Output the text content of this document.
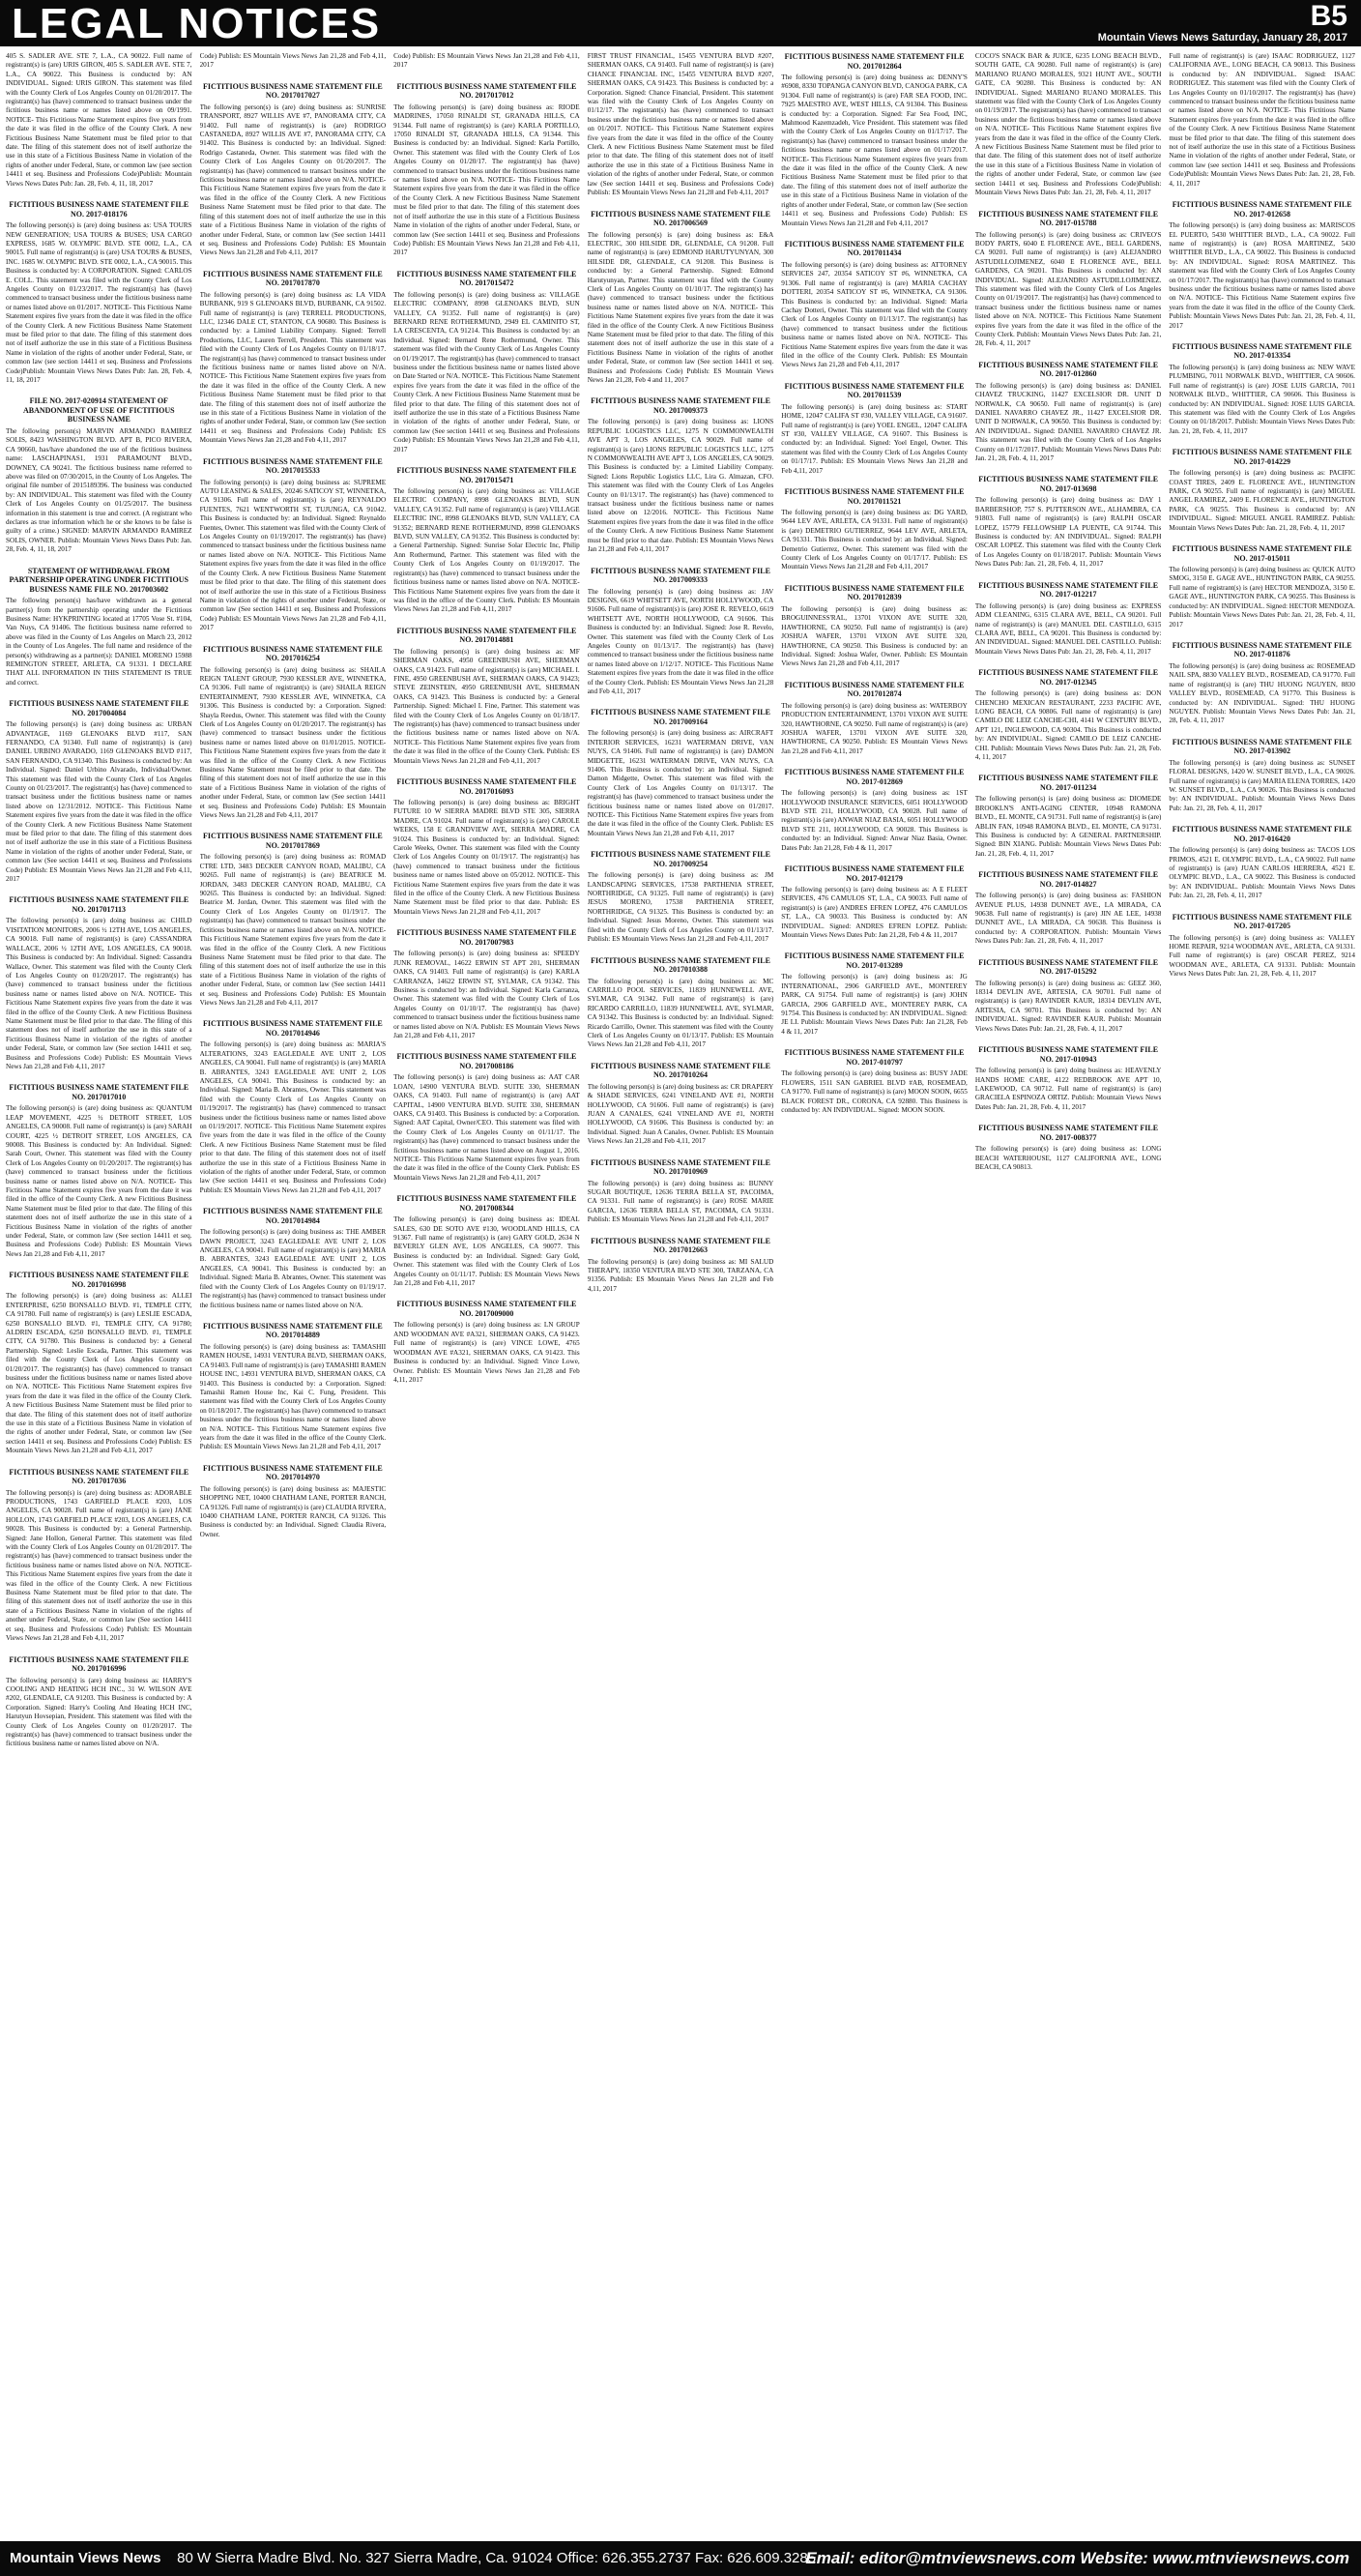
LEGAL NOTICES	B5
Mountain Views News Saturday, January 28, 2017

405 S. SADLER AVE. STE 7, L.A., CA 90022. Full name of registrant(s) is (are) URIS GIRON, 405 S. SADLER AVE. STE 7, L.A., CA 90022. This Business is conducted by: AN INDIVIDUAL. Signed: URIS GIRON. This statement was filed with the County Clerk of Los Angeles County on 01/20/2017. The registrant(s) has (have) commenced to transact business under the fictitious business name or names listed above on 09/1991. NOTICE- This Fictitious Name Statement expires five years from the date it was filed in the office of the County Clerk. A new Fictitious Business Name Statement must be filed prior to that date. The filing of this statement does not of itself authorize the use in this state of a Fictitious Business Name in violation of the rights of another under Federal, State, or common law (see section 14411 et seq. Business and Professions Code)Publish: Mountain Views News Dates Pub: Jan. 28, Feb. 4, 11, 18, 2017

FICTITIOUS BUSINESS NAME STATEMENT FILE NO. 2017-018176

The following person(s) is (are) doing business as: USA TOURS NEW GENERATION; USA TOURS & BUSES; USA CARGO EXPRESS, 1685 W. OLYMPIC BLVD. STE 0002, L.A., CA 90015. Full name of registrant(s) is (are) USA TOURS & BUSES, INC. 1685 W. OLYMPIC BLVD. STE 0002, L.A., CA 90015. This Business is conducted by: A CORPORATION. Signed: CARLOS E. COLL. This statement was filed with the County Clerk of Los Angeles County on 01/23/2017. The registrant(s) has (have) commenced to transact business under the fictitious business name or names listed above on 01/2017. NOTICE- This Fictitious Name Statement expires five years from the date it was filed in the office of the County Clerk. A new Fictitious Business Name Statement must be filed prior to that date. The filing of this statement does not of itself authorize the use in this state of a Fictitious Business Name in violation of the rights of another under Federal, State, or common law (see section 14411 et seq. Business and Professions Code)Publish: Mountain Views News Dates Pub: Jan. 28, Feb. 4, 11, 18, 2017

FILE NO. 2017-020914 STATEMENT OF ABANDONMENT OF USE OF FICTITIOUS BUSINESS NAME

The following person(s) MARVIN ARMANDO RAMIREZ SOLIS, 8423 WASHINGTON BLVD. APT B, PICO RIVERA, CA 90660, has/have abandoned the use of the fictitious business name: LASCHAPINAS1, 1931 PARAMOUNT BLVD., DOWNEY, CA 90241. The fictitious business name referred to above was filed on 07/30/2015, in the County of Los Angeles. The original file number of 2015189396. The business was conducted by: AN INDIVIDUAL. This statement was filed with the County Clerk of Los Angeles County on 01/25/2017. The business information in this statement is true and correct. (A registrant who declares as true information which he or she knows to be false is guilty of a crime.) SIGNED: MARVIN ARMANDO RAMIREZ SOLIS, OWNER. Publish: Mountain Views News Dates Pub: Jan. 28, Feb. 4, 11, 18, 2017

STATEMENT OF WITHDRAWAL FROM PARTNERSHIP OPERATING UNDER FICTITIOUS BUSINESS NAME FILE NO. 2017003602

The following person(s) has/have withdrawn as a general partner(s) from the partnership operating under the Fictitious Business Name: HYKPRINTING located at 17705 Vose St. #104, Van Nuys, CA 91406. The fictitious business name referred to above was filed in the County of Los Angeles on March 23, 2012 in the County of Los Angeles. The full name and residence of the person(s) withdrawing as a partner(s): DANIEL MORENO 15988 REMINGTON STREET, ARLETA, CA 91331. I DECLARE THAT ALL INFORMATION IN THIS STATEMENT IS TRUE and correct.

FICTITIOUS BUSINESS NAME STATEMENT FILE NO. 2017004084

The following person(s) is (are) doing business as: URBAN ADVANTAGE, 1169 GLENOAKS BLVD #117, SAN FERNANDO, CA 91340. Full name of registrant(s) is (are) DANIEL URBINO AVARADO, 1169 GLENOAKS BLVD #117, SAN FERNANDO, CA 91340. This Business is conducted by: An Individual. Signed: Daniel Urbino Alvarado, Individual/Owner. This statement was filed with the County Clerk of Los Angeles County on 01/23/2017. The registrant(s) has (have) commenced to transact business under the fictitious business name or names listed above on 12/31/2012. NOTICE- This Fictitious Name Statement expires five years from the date it was filed in the office of the County Clerk. A new Fictitious Business Name Statement must be filed prior to that date. The filing of this statement does not of itself authorize the use in this state of a Fictitious Business Name in violation of the rights of another under Federal, State, or common law (See section 14411 et seq. Business and Professions Code) Publish: ES Mountain Views News Jan 21,28 and Feb 4,11, 2017

FICTITIOUS BUSINESS NAME STATEMENT FILE NO. 2017017113

The following person(s) is (are) doing business as: CHILD VISITATION MONITORS, 2006 ½ 12TH AVE, LOS ANGELES, CA 90018. Full name of registrant(s) is (are) CASSANDRA WALLACE, 2006 ½ 12TH AVE, LOS ANGELES, CA 90018. This Business is conducted by: An Individual. Signed: Cassandra Wallace, Owner. This statement was filed with the County Clerk of Los Angeles County on 01/20/2017. The registrant(s) has (have) commenced to transact business under the fictitious business name or names listed above on N/A. NOTICE- This Fictitious Name Statement expires five years from the date it was filed in the office of the County Clerk. A new Fictitious Business Name Statement must be filed prior to that date. The filing of this statement does not of itself authorize the use in this state of a Fictitious Business Name in violation of the rights of another under Federal, State, or common law (See section 14411 et seq. Business and Professions Code) Publish: ES Mountain Views News Jan 21,28 and Feb 4,11, 2017

FICTITIOUS BUSINESS NAME STATEMENT FILE NO. 2017017010

The following person(s) is (are) doing business as: QUANTUM LEAP MOVEMENT, 4225 ½ DETROIT STREET, LOS ANGELES, CA 90008. Full name of registrant(s) is (are) SARAH COURT, 4225 ½ DETROIT STREET, LOS ANGELES, CA 90008. This Business is conducted by: An Individual. Signed: Sarah Court, Owner. This statement was filed with the County Clerk of Los Angeles County on 01/20/2017. The registrant(s) has (have) commenced to transact business under the fictitious business name or names listed above on N/A. NOTICE- This Fictitious Name Statement expires five years from the date it was filed in the office of the County Clerk. A new Fictitious Business Name Statement must be filed prior to that date. The filing of this statement does not of itself authorize the use in this state of a Fictitious Business Name in violation of the rights of another under Federal, State, or common law (See section 14411 et seq. Business and Professions Code) Publish: ES Mountain Views News Jan 21,28 and Feb 4,11, 2017

FICTITIOUS BUSINESS NAME STATEMENT FILE NO. 2017016998

The following person(s) is (are) doing business as: ALLEI ENTERPRISE, 6250 BONSALLO BLVD. #1, TEMPLE CITY, CA 91780. Full name of registrant(s) is (are) LESLIE ESCADA, 6250 BONSALLO BLVD. #1, TEMPLE CITY, CA 91780; ALDRIN ESCADA, 6250 BONSALLO BLVD. #1, TEMPLE CITY, CA 91780. This Business is conducted by: a General Partnership. Signed: Leslie Escada, Partner. This statement was filed with the County Clerk of Los Angeles County on 01/20/2017. The registrant(s) has (have) commenced to transact business under the fictitious business name or names listed above on N/A. NOTICE- This Fictitious Name Statement expires five years from the date it was filed in the office of the County Clerk. A new Fictitious Business Name Statement must be filed prior to that date. The filing of this statement does not of itself authorize the use in this state of a Fictitious Business Name in violation of the rights of another under Federal, State, or common law (See section 14411 et seq. Business and Professions Code) Publish: ES Mountain Views News Jan 21,28 and Feb 4,11, 2017

FICTITIOUS BUSINESS NAME STATEMENT FILE NO. 2017017036

The following person(s) is (are) doing business as: ADORABLE PRODUCTIONS, 1743 GARFIELD PLACE #203, LOS ANGELES, CA 90028. Full name of registrant(s) is (are) JANE HOLLON, 1743 GARFIELD PLACE #203, LOS ANGELES, CA 90028. This Business is conducted by: a General Partnership. Signed: Jane Hollon, General Partner. This statement was filed with the County Clerk of Los Angeles County on 01/20/2017. The registrant(s) has (have) commenced to transact business under the fictitious business name or names listed above on N/A. NOTICE- This Fictitious Name Statement expires five years from the date it was filed in the office of the County Clerk. A new Fictitious Business Name Statement must be filed prior to that date. The filing of this statement does not of itself authorize the use in this state of a Fictitious Business Name in violation of the rights of another under Federal, State, or common law (See section 14411 et seq. Business and Professions Code) Publish: ES Mountain Views News Jan 21,28 and Feb 4,11, 2017

FICTITIOUS BUSINESS NAME STATEMENT FILE NO. 2017016996

The following person(s) is (are) doing business as: HARRY'S COOLING AND HEATING HCH INC., 31 W. WILSON AVE #202, GLENDALE, CA 91203. This Business is conducted by: A Corporation. Signed: Harry's Cooling And Heating HCH INC, Harutyun Hovsepian, President. This statement was filed with the County Clerk of Los Angeles County on 01/20/2017. The registrant(s) has (have) commenced to transact business under the fictitious business name or names listed above on N/A.

Code) Publish: ES Mountain Views News Jan 21,28 and Feb 4,11, 2017

FICTITIOUS BUSINESS NAME STATEMENT FILE NO. 2017017027

The following person(s) is (are) doing business as: SUNRISE TRANSPORT, 8927 WILLIS AVE #7, PANORAMA CITY, CA 91402. Full name of registrant(s) is (are) RODRIGO CASTANEDA, 8927 WILLIS AVE #7, PANORAMA CITY, CA 91402. This Business is conducted by: an Individual. Signed: Rodrigo Castaneda, Owner. This statement was filed with the County Clerk of Los Angeles County on 01/20/2017. The registrant(s) has (have) commenced to transact business under the fictitious business name or names listed above on N/A. NOTICE- This Fictitious Name Statement expires five years from the date it was filed in the office of the County Clerk. A new Fictitious Business Name Statement must be filed prior to that date. The filing of this statement does not of itself authorize the use in this state of a Fictitious Business Name in violation of the rights of another under Federal, State, or common law (See section 14411 et seq. Business and Professions Code) Publish: ES Mountain Views News Jan 21,28 and Feb 4,11, 2017

FICTITIOUS BUSINESS NAME STATEMENT FILE NO. 2017017870

The following person(s) is (are) doing business as: LA VIDA BURBANK, 919 S GLENOAKS BLVD, BURBANK, CA 91502. Full name of registrant(s) is (are) TERRELL PRODUCTIONS, LLC, 12346 DALE CT, STANTON, CA 90680. This Business is conducted by: a Limited Liability Company. Signed: Terrell Productions, LLC, Lauren Terrell, President. This statement was filed with the County Clerk of Los Angeles County on 01/18/17. The registrant(s) has (have) commenced to transact business under the fictitious business name or names listed above on N/A. NOTICE- This Fictitious Name Statement expires five years from the date it was filed in the office of the County Clerk. A new Fictitious Business Name Statement must be filed prior to that date. The filing of this statement does not of itself authorize the use in this state of a Fictitious Business Name in violation of the rights of another under Federal, State, or common law (See section 14411 et seq. Business and Professions Code) Publish: ES Mountain Views News Jan 21,28 and Feb 4,11, 2017

FICTITIOUS BUSINESS NAME STATEMENT FILE NO. 2017015533

The following person(s) is (are) doing business as: SUPREME AUTO LEASING & SALES, 20246 SATICOY ST, WINNETKA, CA 91306. Full name of registrant(s) is (are) REYNALDO FUENTES, 7621 WENTWORTH ST, TUJUNGA, CA 91042. This Business is conducted by: an Individual. Signed: Reynaldo Fuentes, Owner. This statement was filed with the County Clerk of Los Angeles County on 01/19/2017. The registrant(s) has (have) commenced to transact business under the fictitious business name or names listed above on N/A. NOTICE- This Fictitious Name Statement expires five years from the date it was filed in the office of the County Clerk. A new Fictitious Business Name Statement must be filed prior to that date. The filing of this statement does not of itself authorize the use in this state of a Fictitious Business Name in violation of the rights of another under Federal, State, or common law (See section 14411 et seq. Business and Professions Code) Publish: ES Mountain Views News Jan 21,28 and Feb 4,11, 2017

FICTITIOUS BUSINESS NAME STATEMENT FILE NO. 2017016254

The following person(s) is (are) doing business as: SHAILA REIGN TALENT GROUP, 7930 KESSLER AVE, WINNETKA, CA 91306. Full name of registrant(s) is (are) SHAILA REIGN ENTERTAINMENT, 7930 KESSLER AVE, WINNETKA, CA 91306. This Business is conducted by: a Corporation. Signed: Shayla Reedus, Owner. This statement was filed with the County Clerk of Los Angeles County on 01/20/2017. The registrant(s) has (have) commenced to transact business under the fictitious business name or names listed above on 01/01/2015. NOTICE- This Fictitious Name Statement expires five years from the date it was filed in the office of the County Clerk. A new Fictitious Business Name Statement must be filed prior to that date. The filing of this statement does not of itself authorize the use in this state of a Fictitious Business Name in violation of the rights of another under Federal, State, or common law (See section 14411 et seq. Business and Professions Code) Publish: ES Mountain Views News Jan 21,28 and Feb 4,11, 2017

FICTITIOUS BUSINESS NAME STATEMENT FILE NO. 2017017869

The following person(s) is (are) doing business as: ROMAD CTRE LTD, 3483 DECKER CANYON ROAD, MALIBU, CA 90265. Full name of registrant(s) is (are) BEATRICE M. JORDAN, 3483 DECKER CANYON ROAD, MALIBU, CA 90265. This Business is conducted by: an Individual. Signed: Beatrice M. Jordan, Owner. This statement was filed with the County Clerk of Los Angeles County on 01/19/17. The registrant(s) has (have) commenced to transact business under the fictitious business name or names listed above on N/A. NOTICE- This Fictitious Name Statement expires five years from the date it was filed in the office of the County Clerk. A new Fictitious Business Name Statement must be filed prior to that date. The filing of this statement does not of itself authorize the use in this state of a Fictitious Business Name in violation of the rights of another under Federal, State, or common law (See section 14411 et seq. Business and Professions Code) Publish: ES Mountain Views News Jan 21,28 and Feb 4,11, 2017

FICTITIOUS BUSINESS NAME STATEMENT FILE NO. 2017014946

The following person(s) is (are) doing business as: MARIA'S ALTERATIONS, 3243 EAGLEDALE AVE UNIT 2, LOS ANGELES, CA 90041. Full name of registrant(s) is (are) MARIA B. ABRANTES, 3243 EAGLEDALE AVE UNIT 2, LOS ANGELES, CA 90041. This Business is conducted by: an Individual. Signed: Maria B. Abrantes, Owner. This statement was filed with the County Clerk of Los Angeles County on 01/19/2017. The registrant(s) has (have) commenced to transact business under the fictitious business name or names listed above on 01/19/2017. NOTICE- This Fictitious Name Statement expires five years from the date it was filed in the office of the County Clerk. A new Fictitious Business Name Statement must be filed prior to that date. The filing of this statement does not of itself authorize the use in this state of a Fictitious Business Name in violation of the rights of another under Federal, State, or common law (See section 14411 et seq. Business and Professions Code) Publish: ES Mountain Views News Jan 21,28 and Feb 4,11, 2017

FICTITIOUS BUSINESS NAME STATEMENT FILE NO. 2017014984

The following person(s) is (are) doing business as: THE AMBER DAWN PROJECT, 3243 EAGLEDALE AVE UNIT 2, LOS ANGELES, CA 90041. Full name of registrant(s) is (are) MARIA B. ABRANTES, 3243 EAGLEDALE AVE UNIT 2, LOS ANGELES, CA 90041. This Business is conducted by: an Individual. Signed: Maria B. Abrantes, Owner. This statement was filed with the County Clerk of Los Angeles County on 01/19/17. The registrant(s) has (have) commenced to transact business under the fictitious business name or names listed above on N/A.

FICTITIOUS BUSINESS NAME STATEMENT FILE NO. 2017014889

The following person(s) is (are) doing business as: TAMASHII RAMEN HOUSE, 14931 VENTURA BLVD, SHERMAN OAKS, CA 91403. Full name of registrant(s) is (are) TAMASHII RAMEN HOUSE INC, 14931 VENTURA BLVD, SHERMAN OAKS, CA 91403. This Business is conducted by: a Corporation. Signed: Tamashii Ramen House Inc, Kai C. Fung, President. This statement was filed with the County Clerk of Los Angeles County on 01/18/2017. The registrant(s) has (have) commenced to transact business under the fictitious business name or names listed above on N/A. NOTICE- This Fictitious Name Statement expires five years from the date it was filed in the office of the County Clerk. Publish: ES Mountain Views News Jan 21,28 and Feb 4,11, 2017

FICTITIOUS BUSINESS NAME STATEMENT FILE NO. 2017014970

The following person(s) is (are) doing business as: MAJESTIC SHOPPING NET, 10400 CHATHAM LANE, PORTER RANCH, CA 91326. Full name of registrant(s) is (are) CLAUDIA RIVERA, 10400 CHATHAM LANE, PORTER RANCH, CA 91326. This Business is conducted by: an Individual. Signed: Claudia Rivera, Owner.

Code) Publish: ES Mountain Views News Jan 21,28 and Feb 4,11, 2017

FICTITIOUS BUSINESS NAME STATEMENT FILE NO. 2017017012

The following person(s) is (are) doing business as: RIODE MADRINES, 17050 RINALDI ST, GRANADA HILLS, CA 91344. Full name of registrant(s) is (are) KARLA PORTILLO, 17050 RINALDI ST, GRANADA HILLS, CA 91344. This Business is conducted by: an Individual. Signed: Karla Portillo, Owner. This statement was filed with the County Clerk of Los Angeles County on 01/20/17. The registrant(s) has (have) commenced to transact business under the fictitious business name or names listed above on N/A. NOTICE- This Fictitious Name Statement expires five years from the date it was filed in the office of the County Clerk. A new Fictitious Business Name Statement must be filed prior to that date. The filing of this statement does not of itself authorize the use in this state of a Fictitious Business Name in violation of the rights of another under Federal, State, or common law (See section 14411 et seq. Business and Professions Code) Publish: ES Mountain Views News Jan 21,28 and Feb 4,11, 2017

FICTITIOUS BUSINESS NAME STATEMENT FILE NO. 2017015472

The following person(s) is (are) doing business as: VILLAGE ELECTRIC COMPANY, 8998 GLENOAKS BLVD, SUN VALLEY, CA 91352. Full name of registrant(s) is (are) BERNARD RENE ROTHERMUND, 2949 EL CAMINITO ST, LA CRESCENTA, CA 91214. This Business is conducted by: an Individual. Signed: Bernard Rene Rothermund, Owner. This statement was filed with the County Clerk of Los Angeles County on 01/19/2017. The registrant(s) has (have) commenced to transact business under the fictitious business name or names listed above on Date Started or N/A. NOTICE- This Fictitious Name Statement expires five years from the date it was filed in the office of the County Clerk. A new Fictitious Business Name Statement must be filed prior to that date. The filing of this statement does not of itself authorize the use in this state of a Fictitious Business Name in violation of the rights of another under Federal, State, or common law (See section 14411 et seq. Business and Professions Code) Publish: ES Mountain Views News Jan 21,28 and Feb 4,11, 2017

FICTITIOUS BUSINESS NAME STATEMENT FILE NO. 2017015471

The following person(s) is (are) doing business as: VILLAGE ELECTRIC COMPANY, 8998 GLENOAKS BLVD, SUN VALLEY, CA 91352. Full name of registrant(s) is (are) VILLAGE ELECTRIC INC, 8998 GLENOAKS BLVD, SUN VALLEY, CA 91352; BERNARD RENE ROTHERMUND, 8998 GLENOAKS BLVD, SUN VALLEY, CA 91352. This Business is conducted by: a General Partnership. Signed: Sunrise Solar Electric Inc, Philip Ann Rothermund, Partner. This statement was filed with the County Clerk of Los Angeles County on 01/19/2017. The registrant(s) has (have) commenced to transact business under the fictitious business name or names listed above on N/A. NOTICE- This Fictitious Name Statement expires five years from the date it was filed in the office of the County Clerk. Publish: ES Mountain Views News Jan 21,28 and Feb 4,11, 2017

FICTITIOUS BUSINESS NAME STATEMENT FILE NO. 2017014881

The following person(s) is (are) doing business as: MF SHERMAN OAKS, 4950 GREENBUSH AVE, SHERMAN OAKS, CA 91423. Full name of registrant(s) is (are) MICHAEL I. FINE, 4950 GREENBUSH AVE, SHERMAN OAKS, CA 91423; STEVE ZEINSTEIN, 4950 GREENBUSH AVE, SHERMAN OAKS, CA 91423. This Business is conducted by: a General Partnership. Signed: Michael I. Fine, Partner. This statement was filed with the County Clerk of Los Angeles County on 01/18/17. The registrant(s) has (have) commenced to transact business under the fictitious business name or names listed above on N/A. NOTICE- This Fictitious Name Statement expires five years from the date it was filed in the office of the County Clerk. Publish: ES Mountain Views News Jan 21,28 and Feb 4,11, 2017

FICTITIOUS BUSINESS NAME STATEMENT FILE NO. 2017016093

The following person(s) is (are) doing business as: BRIGHT FUTURE 10 W SIERRA MADRE BLVD STE 305, SIERRA MADRE, CA 91024. Full name of registrant(s) is (are) CAROLE WEEKS, 158 E GRANDVIEW AVE, SIERRA MADRE, CA 91024. This Business is conducted by: an Individual. Signed: Carole Weeks, Owner. This statement was filed with the County Clerk of Los Angeles County on 01/19/17. The registrant(s) has (have) commenced to transact business under the fictitious business name or names listed above on 05/2012. NOTICE- This Fictitious Name Statement expires five years from the date it was filed in the office of the County Clerk. A new Fictitious Business Name Statement must be filed prior to that date. Publish: ES Mountain Views News Jan 21,28 and Feb 4,11, 2017

FICTITIOUS BUSINESS NAME STATEMENT FILE NO. 2017007983

The following person(s) is (are) doing business as: SPEEDY JUNK REMOVAL, 14622 ERWIN ST APT 201, SHERMAN OAKS, CA 91403. Full name of registrant(s) is (are) KARLA CARRANZA, 14622 ERWIN ST, SYLMAR, CA 91342. This Business is conducted by: an Individual. Signed: Karla Carranza, Owner. This statement was filed with the County Clerk of Los Angeles County on 01/10/17. The registrant(s) has (have) commenced to transact business under the fictitious business name or names listed above on N/A. Publish: ES Mountain Views News Jan 21,28 and Feb 4,11, 2017

FICTITIOUS BUSINESS NAME STATEMENT FILE NO. 2017008186

The following person(s) is (are) doing business as: AAT CAR LOAN, 14900 VENTURA BLVD. SUITE 330, SHERMAN OAKS, CA 91403. Full name of registrant(s) is (are) AAT CAPITAL, 14900 VENTURA BLVD. SUITE 330, SHERMAN OAKS, CA 91403. This Business is conducted by: a Corporation. Signed: AAT Capital, Owner/CEO. This statement was filed with the County Clerk of Los Angeles County on 01/11/17. The registrant(s) has (have) commenced to transact business under the fictitious business name or names listed above on August 1, 2016. NOTICE- This Fictitious Name Statement expires five years from the date it was filed in the office of the County Clerk. Publish: ES Mountain Views News Jan 21,28 and Feb 4,11, 2017

FICTITIOUS BUSINESS NAME STATEMENT FILE NO. 2017008344

The following person(s) is (are) doing business as: IDEAL SALES, 630 DE SOTO AVE #130, WOODLAND HILLS, CA 91367. Full name of registrant(s) is (are) GARY GOLD, 2634 N BEVERLY GLEN AVE, LOS ANGELES, CA 90077. This Business is conducted by: an Individual. Signed: Gary Gold, Owner. This statement was filed with the County Clerk of Los Angeles County on 01/11/17. Publish: ES Mountain Views News Jan 21,28 and Feb 4,11, 2017

FICTITIOUS BUSINESS NAME STATEMENT FILE NO. 2017009000

The following person(s) is (are) doing business as: LN GROUP AND WOODMAN AVE #A321, SHERMAN OAKS, CA 91423. Full name of registrant(s) is (are) VINCE LOWE, 4765 WOODMAN AVE #A321, SHERMAN OAKS, CA 91423. This Business is conducted by: an Individual. Signed: Vince Lowe, Owner. Publish: ES Mountain Views News Jan 21,28 and Feb 4,11, 2017

FIRST TRUST FINANCIAL, 15455 VENTURA BLVD #207, SHERMAN OAKS, CA 91403. Full name of registrant(s) is (are) CHANCE FINANCIAL INC, 15455 VENTURA BLVD #207, SHERMAN OAKS, CA 91423. This Business is conducted by: a Corporation. Signed: Chance Financial, President. This statement was filed with the County Clerk of Los Angeles County on 01/12/17. The registrant(s) has (have) commenced to transact business under the fictitious business name or names listed above on 01/2017. NOTICE- This Fictitious Name Statement expires five years from the date it was filed in the office of the County Clerk. A new Fictitious Business Name Statement must be filed prior to that date. The filing of this statement does not of itself authorize the use in this state of a Fictitious Business Name in violation of the rights of another under Federal, State, or common law (See section 14411 et seq. Business and Professions Code) Publish: ES Mountain Views News Jan 21,28 and Feb 4,11, 2017

FICTITIOUS BUSINESS NAME STATEMENT FILE NO. 2017006569

The following person(s) is (are) doing business as: E&A ELECTRIC, 300 HILSIDE DR, GLENDALE, CA 91208. Full name of registrant(s) is (are) EDMOND HARUTYUNYAN, 300 HILSIDE DR, GLENDALE, CA 91208. This Business is conducted by: a General Partnership. Signed: Edmond Harutyunyan, Partner. This statement was filed with the County Clerk of Los Angeles County on 01/10/17. The registrant(s) has (have) commenced to transact business under the fictitious business name or names listed above on N/A. NOTICE- This Fictitious Name Statement expires five years from the date it was filed in the office of the County Clerk. A new Fictitious Business Name Statement must be filed prior to that date. The filing of this statement does not of itself authorize the use in this state of a Fictitious Business Name in violation of the rights of another under Federal, State, or common law (See section 14411 et seq. Business and Professions Code) Publish: ES Mountain Views News Jan 21,28, Feb 4 and 11, 2017

FICTITIOUS BUSINESS NAME STATEMENT FILE NO. 2017009373

The following person(s) is (are) doing business as: LIONS REPUBLIC LOGISTICS LLC, 1275 N COMMONWEALTH AVE APT 3, LOS ANGELES, CA 90029. Full name of registrant(s) is (are) LIONS REPUBLIC LOGISTICS LLC, 1275 N COMMONWEALTH AVE APT 3, LOS ANGELES, CA 90029. This Business is conducted by: a Limited Liability Company. Signed: Lions Republic Logistics LLC, Lira G. Almazan, CFO. This statement was filed with the County Clerk of Los Angeles County on 01/13/17. The registrant(s) has (have) commenced to transact business under the fictitious business name or names listed above on 12/2016. NOTICE- This Fictitious Name Statement expires five years from the date it was filed in the office of the County Clerk. A new Fictitious Business Name Statement must be filed prior to that date. Publish: ES Mountain Views News Jan 21,28 and Feb 4,11, 2017

FICTITIOUS BUSINESS NAME STATEMENT FILE NO. 2017009333

The following person(s) is (are) doing business as: JAV DESIGNS, 6619 WHITSETT AVE, NORTH HOLLYWOOD, CA 91606. Full name of registrant(s) is (are) JOSE R. REVELO, 6619 WHITSETT AVE, NORTH HOLLYWOOD, CA 91606. This Business is conducted by: an Individual. Signed: Jose R. Revelo, Owner. This statement was filed with the County Clerk of Los Angeles County on 01/13/17. The registrant(s) has (have) commenced to transact business under the fictitious business name or names listed above on 1/12/17. NOTICE- This Fictitious Name Statement expires five years from the date it was filed in the office of the County Clerk. Publish: ES Mountain Views News Jan 21,28 and Feb 4,11, 2017

FICTITIOUS BUSINESS NAME STATEMENT FILE NO. 2017009164

The following person(s) is (are) doing business as: AIRCRAFT INTERIOR SERVICES, 16231 WATERMAN DRIVE, VAN NUYS, CA 91406. Full name of registrant(s) is (are) DAMON MIDGETTE, 16231 WATERMAN DRIVE, VAN NUYS, CA 91406. This Business is conducted by: an Individual. Signed: Damon Midgette, Owner. This statement was filed with the County Clerk of Los Angeles County on 01/13/17. The registrant(s) has (have) commenced to transact business under the fictitious business name or names listed above on 01/2017. NOTICE- This Fictitious Name Statement expires five years from the date it was filed in the office of the County Clerk. Publish: ES Mountain Views News Jan 21,28 and Feb 4,11, 2017

FICTITIOUS BUSINESS NAME STATEMENT FILE NO. 2017009254

The following person(s) is (are) doing business as: JM LANDSCAPING SERVICES, 17538 PARTHENIA STREET, NORTHRIDGE, CA 91325. Full name of registrant(s) is (are) JESUS MORENO, 17538 PARTHENIA STREET, NORTHRIDGE, CA 91325. This Business is conducted by: an Individual. Signed: Jesus Moreno, Owner. This statement was filed with the County Clerk of Los Angeles County on 01/13/17. Publish: ES Mountain Views News Jan 21,28 and Feb 4,11, 2017

FICTITIOUS BUSINESS NAME STATEMENT FILE NO. 2017010388

The following person(s) is (are) doing business as: MC CARRILLO POOL SERVICES, 11839 HUNNEWELL AVE, SYLMAR, CA 91342. Full name of registrant(s) is (are) RICARDO CARRILLO, 11839 HUNNEWELL AVE, SYLMAR, CA 91342. This Business is conducted by: an Individual. Signed: Ricardo Carrillo, Owner. This statement was filed with the County Clerk of Los Angeles County on 01/13/17. Publish: ES Mountain Views News Jan 21,28 and Feb 4,11, 2017

FICTITIOUS BUSINESS NAME STATEMENT FILE NO. 2017010264

The following person(s) is (are) doing business as: CR DRAPERY & SHADE SERVICES, 6241 VINELAND AVE #1, NORTH HOLLYWOOD, CA 91606. Full name of registrant(s) is (are) JUAN A CANALES, 6241 VINELAND AVE #1, NORTH HOLLYWOOD, CA 91606. This Business is conducted by: an Individual. Signed: Juan A Canales, Owner. Publish: ES Mountain Views News Jan 21,28 and Feb 4,11, 2017

FICTITIOUS BUSINESS NAME STATEMENT FILE NO. 2017010969

The following person(s) is (are) doing business as: BUNNY SUGAR BOUTIQUE, 12636 TERRA BELLA ST, PACOIMA, CA 91331. Full name of registrant(s) is (are) ROSE MARIE GARCIA, 12636 TERRA BELLA ST, PACOIMA, CA 91331. Publish: ES Mountain Views News Jan 21,28 and Feb 4,11, 2017

FICTITIOUS BUSINESS NAME STATEMENT FILE NO. 2017012663

The following person(s) is (are) doing business as: MI SALUD THERAPY, 18350 VENTURA BLVD STE 300, TARZANA, CA 91356. Publish: ES Mountain Views News Jan 21,28 and Feb 4,11, 2017

FICTITIOUS BUSINESS NAME STATEMENT FILE NO. 2017012864

The following person(s) is (are) doing business as: DENNY'S #6908, 8330 TOPANGA CANYON BLVD, CANOGA PARK, CA 91304. Full name of registrant(s) is (are) FAR SEA FOOD, INC. 7925 MAESTRO AVE, WEST HILLS, CA 91304. This Business is conducted by: a Corporation. Signed: Far Sea Food, INC, Mahmood Kazemzadeh, Vice President. This statement was filed with the County Clerk of Los Angeles County on 01/17/17. The registrant(s) has (have) commenced to transact business under the fictitious business name or names listed above on 01/17/2017. NOTICE- This Fictitious Name Statement expires five years from the date it was filed in the office of the County Clerk. A new Fictitious Business Name Statement must be filed prior to that date. The filing of this statement does not of itself authorize the use in this state of a Fictitious Business Name in violation of the rights of another under Federal, State, or common law (See section 14411 et seq. Business and Professions Code) Publish: ES Mountain Views News Jan 21,28 and Feb 4,11, 2017

FICTITIOUS BUSINESS NAME STATEMENT FILE NO. 2017011434

The following person(s) is (are) doing business as: ATTORNEY SERVICES 247, 20354 SATICOY ST #6, WINNETKA, CA 91306. Full name of registrant(s) is (are) MARIA CACHAY DOTTERI, 20354 SATICOY ST #6, WINNETKA, CA 91306. This Business is conducted by: an Individual. Signed: Maria Cachay Dotteri, Owner. This statement was filed with the County Clerk of Los Angeles County on 01/13/17. The registrant(s) has (have) commenced to transact business under the fictitious business name or names listed above on N/A. NOTICE- This Fictitious Name Statement expires five years from the date it was filed in the office of the County Clerk. Publish: ES Mountain Views News Jan 21,28 and Feb 4,11, 2017

FICTITIOUS BUSINESS NAME STATEMENT FILE NO. 2017011539

The following person(s) is (are) doing business as: START HOME, 12047 CALIFA ST #30, VALLEY VILLAGE, CA 91607. Full name of registrant(s) is (are) YOEL ENGEL, 12047 CALIFA ST #30, VALLEY VILLAGE, CA 91607. This Business is conducted by: an Individual. Signed: Yoel Engel, Owner. This statement was filed with the County Clerk of Los Angeles County on 01/17/17. Publish: ES Mountain Views News Jan 21,28 and Feb 4,11, 2017

FICTITIOUS BUSINESS NAME STATEMENT FILE NO. 2017011521

The following person(s) is (are) doing business as: DG YARD, 9644 LEV AVE, ARLETA, CA 91331. Full name of registrant(s) is (are) DEMETRIO GUTIERREZ, 9644 LEV AVE, ARLETA, CA 91331. This Business is conducted by: an Individual. Signed: Demetrio Gutierrez, Owner. This statement was filed with the County Clerk of Los Angeles County on 01/17/17. Publish: ES Mountain Views News Jan 21,28 and Feb 4,11, 2017

FICTITIOUS BUSINESS NAME STATEMENT FILE NO. 2017012839

The following person(s) is (are) doing business as: BROGUINNESS'RAL, 13701 VIXON AVE SUITE 320, HAWTHORNE, CA 90250. Full name of registrant(s) is (are) JOSHUA WAFER, 13701 VIXON AVE SUITE 320, HAWTHORNE, CA 90250. This Business is conducted by: an Individual. Signed: Joshua Wafer, Owner. Publish: ES Mountain Views News Jan 21,28 and Feb 4,11, 2017

FICTITIOUS BUSINESS NAME STATEMENT FILE NO. 2017012874

The following person(s) is (are) doing business as: WATERBOY PRODUCTION ENTERTAINMENT, 13701 VIXON AVE SUITE 320, HAWTHORNE, CA 90250. Full name of registrant(s) is (are) JOSHUA WAFER, 13701 VIXON AVE SUITE 320, HAWTHORNE, CA 90250. Publish: ES Mountain Views News Jan 21,28 and Feb 4,11, 2017

FICTITIOUS BUSINESS NAME STATEMENT FILE NO. 2017-012869

The following person(s) is (are) doing business as: 1ST HOLLYWOOD INSURANCE SERVICES, 6051 HOLLYWOOD BLVD STE 211, HOLLYWOOD, CA 90028. Full name of registrant(s) is (are) ANWAR NIAZ BASIA, 6051 HOLLYWOOD BLVD STE 211, HOLLYWOOD, CA 90028. This Business is conducted by: an Individual. Signed: Anwar Niaz Basia, Owner. Dates Pub: Jan 21,28, Feb 4 & 11, 2017

FICTITIOUS BUSINESS NAME STATEMENT FILE NO. 2017-012179

The following person(s) is (are) doing business as: A E FLEET SERVICES, 476 CAMULOS ST, L.A., CA 90033. Full name of registrant(s) is (are) ANDRES EFREN LOPEZ, 476 CAMULOS ST, L.A., CA 90033. This Business is conducted by: AN INDIVIDUAL. Signed: ANDRES EFREN LOPEZ. Publish: Mountain Views News Dates Pub: Jan 21,28, Feb 4 & 11, 2017

FICTITIOUS BUSINESS NAME STATEMENT FILE NO. 2017-013289

The following person(s) is (are) doing business as: JG INTERNATIONAL, 2906 GARFIELD AVE., MONTEREY PARK, CA 91754. Full name of registrant(s) is (are) JOHN GARCIA, 2906 GARFIELD AVE., MONTEREY PARK, CA 91754. This Business is conducted by: AN INDIVIDUAL. Signed: JE LI. Publish: Mountain Views News Dates Pub: Jan 21,28, Feb 4 & 11, 2017

FICTITIOUS BUSINESS NAME STATEMENT FILE NO. 2017-010797

The following person(s) is (are) doing business as: BUSY JADE FLOWERS, 1511 SAN GABRIEL BLVD #AB, ROSEMEAD, CA 91770. Full name of registrant(s) is (are) MOON SOON, 6655 BLACK FOREST DR., CORONA, CA 92880. This Business is conducted by: AN INDIVIDUAL. Signed: MOON SOON.

COCO'S SNACK BAR & JUICE, 6235 LONG BEACH BLVD., SOUTH GATE, CA 90280. Full name of registrant(s) is (are) MARIANO RUANO MORALES, 9321 HUNT AVE., SOUTH GATE, CA 90280. This Business is conducted by: AN INDIVIDUAL. Signed: MARIANO RUANO MORALES. This statement was filed with the County Clerk of Los Angeles County on 01/19/2017. The registrant(s) has (have) commenced to transact business under the fictitious business name or names listed above on N/A. NOTICE- This Fictitious Name Statement expires five years from the date it was filed in the office of the County Clerk. A new Fictitious Business Name Statement must be filed prior to that date. The filing of this statement does not of itself authorize the use in this state of a Fictitious Business Name in violation of the rights of another under Federal, State, or common law (see section 14411 et seq. Business and Professions Code)Publish: Mountain Views News Dates Pub: Jan. 21, 28, Feb. 4, 11, 2017

FICTITIOUS BUSINESS NAME STATEMENT FILE NO. 2017-015788

The following person(s) is (are) doing business as: CRIVEO'S BODY PARTS, 6040 E FLORENCE AVE., BELL GARDENS, CA 90201. Full name of registrant(s) is (are) ALEJANDRO ASTUDILLOJIMENEZ, 6040 E FLORENCE AVE., BELL GARDENS, CA 90201. This Business is conducted by: AN INDIVIDUAL. Signed: ALEJANDRO ASTUDILLOJIMENEZ. This statement was filed with the County Clerk of Los Angeles County on 01/19/2017. The registrant(s) has (have) commenced to transact business under the fictitious business name or names listed above on N/A. NOTICE- This Fictitious Name Statement expires five years from the date it was filed in the office of the County Clerk. Publish: Mountain Views News Dates Pub: Jan. 21, 28, Feb. 4, 11, 2017

FICTITIOUS BUSINESS NAME STATEMENT FILE NO. 2017-012860

The following person(s) is (are) doing business as: DANIEL CHAVEZ TRUCKING, 11427 EXCELSIOR DR. UNIT D NORWALK, CA 90650. Full name of registrant(s) is (are) DANIEL NAVARRO CHAVEZ JR., 11427 EXCELSIOR DR. UNIT D NORWALK, CA 90650. This Business is conducted by: AN INDIVIDUAL. Signed: DANIEL NAVARRO CHAVEZ JR. This statement was filed with the County Clerk of Los Angeles County on 01/17/2017. Publish: Mountain Views News Dates Pub: Jan. 21, 28, Feb. 4, 11, 2017

FICTITIOUS BUSINESS NAME STATEMENT FILE NO. 2017-013698

The following person(s) is (are) doing business as: DAY 1 BARBERSHOP, 757 S. PUTTERSON AVE., ALHAMBRA, CA 91803. Full name of registrant(s) is (are) RALPH OSCAR LOPEZ, 15779 FELLOWSHIP LA PUENTE, CA 91744. This Business is conducted by: AN INDIVIDUAL. Signed: RALPH OSCAR LOPEZ. This statement was filed with the County Clerk of Los Angeles County on 01/18/2017. Publish: Mountain Views News Dates Pub: Jan. 21, 28, Feb. 4, 11, 2017

FICTITIOUS BUSINESS NAME STATEMENT FILE NO. 2017-012217

The following person(s) is (are) doing business as: EXPRESS ADM CLEANING, 6315 CLARA AVE, BELL, CA 90201. Full name of registrant(s) is (are) MANUEL DEL CASTILLO, 6315 CLARA AVE, BELL, CA 90201. This Business is conducted by: AN INDIVIDUAL. Signed: MANUEL DEL CASTILLO. Publish: Mountain Views News Dates Pub: Jan. 21, 28, Feb. 4, 11, 2017

FICTITIOUS BUSINESS NAME STATEMENT FILE NO. 2017-012345

The following person(s) is (are) doing business as: DON CHENCHO MEXICAN RESTAURANT, 2233 PACIFIC AVE, LONG BEACH, CA 90806. Full name of registrant(s) is (are) CAMILO DE LEIZ CANCHE-CHI, 4141 W CENTURY BLVD., APT 121, INGLEWOOD, CA 90304. This Business is conducted by: AN INDIVIDUAL. Signed: CAMILO DE LEIZ CANCHE-CHI. Publish: Mountain Views News Dates Pub: Jan. 21, 28, Feb. 4, 11, 2017

FICTITIOUS BUSINESS NAME STATEMENT FILE NO. 2017-011234

The following person(s) is (are) doing business as: DIOMEDE BROOKLN'S ANTI-AGING CENTER, 10948 RAMONA BLVD., EL MONTE, CA 91731. Full name of registrant(s) is (are) ABLIN FAN, 10948 RAMONA BLVD., EL MONTE, CA 91731. This Business is conducted by: A GENERAL PARTNERSHIP. Signed: BIN XIANG. Publish: Mountain Views News Dates Pub: Jan. 21, 28, Feb. 4, 11, 2017

FICTITIOUS BUSINESS NAME STATEMENT FILE NO. 2017-014827

The following person(s) is (are) doing business as: FASHION AVENUE PLUS, 14938 DUNNET AVE., LA MIRADA, CA 90638. Full name of registrant(s) is (are) JIN AE LEE, 14938 DUNNET AVE., LA MIRADA, CA 90638. This Business is conducted by: A CORPORATION. Publish: Mountain Views News Dates Pub: Jan. 21, 28, Feb. 4, 11, 2017

FICTITIOUS BUSINESS NAME STATEMENT FILE NO. 2017-015292

The following person(s) is (are) doing business as: GEEZ 360, 18314 DEVLIN AVE, ARTESIA, CA 90701. Full name of registrant(s) is (are) RAVINDER KAUR, 18314 DEVLIN AVE, ARTESIA, CA 90701. This Business is conducted by: AN INDIVIDUAL. Signed: RAVINDER KAUR. Publish: Mountain Views News Dates Pub: Jan. 21, 28, Feb. 4, 11, 2017

FICTITIOUS BUSINESS NAME STATEMENT FILE NO. 2017-010943

The following person(s) is (are) doing business as: HEAVENLY HANDS HOME CARE, 4122 REDBROOK AVE APT 10, LAKEWOOD, CA 90712. Full name of registrant(s) is (are) GRACIELA ESPINOZA ORTIZ. Publish: Mountain Views News Dates Pub: Jan. 21, 28, Feb. 4, 11, 2017

FICTITIOUS BUSINESS NAME STATEMENT FILE NO. 2017-008377

The following person(s) is (are) doing business as: LONG BEACH WATERHOUSE, 1127 CALIFORNIA AVE., LONG BEACH, CA 90813.

Full name of registrant(s) is (are) ISAAC RODRIGUEZ, 1127 CALIFORNIA AVE., LONG BEACH, CA 90813. This Business is conducted by: AN INDIVIDUAL. Signed: ISAAC RODRIGUEZ. This statement was filed with the County Clerk of Los Angeles County on 01/10/2017. The registrant(s) has (have) commenced to transact business under the fictitious business name or names listed above on N/A. NOTICE- This Fictitious Name Statement expires five years from the date it was filed in the office of the County Clerk. A new Fictitious Business Name Statement must be filed prior to that date. The filing of this statement does not of itself authorize the use in this state of a Fictitious Business Name in violation of the rights of another under Federal, State, or common law (see section 14411 et seq. Business and Professions Code)Publish: Mountain Views News Dates Pub: Jan. 21, 28, Feb. 4, 11, 2017

FICTITIOUS BUSINESS NAME STATEMENT FILE NO. 2017-012658

The following person(s) is (are) doing business as: MARISCOS EL PUERTO, 5430 WHITTIER BLVD., L.A., CA 90022. Full name of registrant(s) is (are) ROSA MARTINEZ, 5430 WHITTIER BLVD., L.A., CA 90022. This Business is conducted by: AN INDIVIDUAL. Signed: ROSA MARTINEZ. This statement was filed with the County Clerk of Los Angeles County on 01/17/2017. The registrant(s) has (have) commenced to transact business under the fictitious business name or names listed above on N/A. NOTICE- This Fictitious Name Statement expires five years from the date it was filed in the office of the County Clerk. Publish: Mountain Views News Dates Pub: Jan. 21, 28, Feb. 4, 11, 2017

FICTITIOUS BUSINESS NAME STATEMENT FILE NO. 2017-013354

The following person(s) is (are) doing business as: NEW WAVE PLUMBING, 7011 NORWALK BLVD., WHITTIER, CA 90606. Full name of registrant(s) is (are) JOSE LUIS GARCIA, 7011 NORWALK BLVD., WHITTIER, CA 90606. This Business is conducted by: AN INDIVIDUAL. Signed: JOSE LUIS GARCIA. This statement was filed with the County Clerk of Los Angeles County on 01/18/2017. Publish: Mountain Views News Dates Pub: Jan. 21, 28, Feb. 4, 11, 2017

FICTITIOUS BUSINESS NAME STATEMENT FILE NO. 2017-014229

The following person(s) is (are) doing business as: PACIFIC COAST TIRES, 2409 E. FLORENCE AVE., HUNTINGTON PARK, CA 90255. Full name of registrant(s) is (are) MIGUEL ANGEL RAMIREZ, 2409 E. FLORENCE AVE., HUNTINGTON PARK, CA 90255. This Business is conducted by: AN INDIVIDUAL. Signed: MIGUEL ANGEL RAMIREZ. Publish: Mountain Views News Dates Pub: Jan. 21, 28, Feb. 4, 11, 2017

FICTITIOUS BUSINESS NAME STATEMENT FILE NO. 2017-015011

The following person(s) is (are) doing business as: QUICK AUTO SMOG, 3150 E. GAGE AVE., HUNTINGTON PARK, CA 90255. Full name of registrant(s) is (are) HECTOR MENDOZA, 3150 E. GAGE AVE., HUNTINGTON PARK, CA 90255. This Business is conducted by: AN INDIVIDUAL. Signed: HECTOR MENDOZA. Publish: Mountain Views News Dates Pub: Jan. 21, 28, Feb. 4, 11, 2017

FICTITIOUS BUSINESS NAME STATEMENT FILE NO. 2017-011876

The following person(s) is (are) doing business as: ROSEMEAD NAIL SPA, 8830 VALLEY BLVD., ROSEMEAD, CA 91770. Full name of registrant(s) is (are) THU HUONG NGUYEN, 8830 VALLEY BLVD., ROSEMEAD, CA 91770. This Business is conducted by: AN INDIVIDUAL. Signed: THU HUONG NGUYEN. Publish: Mountain Views News Dates Pub: Jan. 21, 28, Feb. 4, 11, 2017

FICTITIOUS BUSINESS NAME STATEMENT FILE NO. 2017-013902

The following person(s) is (are) doing business as: SUNSET FLORAL DESIGNS, 1420 W. SUNSET BLVD., L.A., CA 90026. Full name of registrant(s) is (are) MARIA ELENA TORRES, 1420 W. SUNSET BLVD., L.A., CA 90026. This Business is conducted by: AN INDIVIDUAL. Publish: Mountain Views News Dates Pub: Jan. 21, 28, Feb. 4, 11, 2017

FICTITIOUS BUSINESS NAME STATEMENT FILE NO. 2017-016420

The following person(s) is (are) doing business as: TACOS LOS PRIMOS, 4521 E. OLYMPIC BLVD., L.A., CA 90022. Full name of registrant(s) is (are) JUAN CARLOS HERRERA, 4521 E. OLYMPIC BLVD., L.A., CA 90022. This Business is conducted by: AN INDIVIDUAL. Publish: Mountain Views News Dates Pub: Jan. 21, 28, Feb. 4, 11, 2017

FICTITIOUS BUSINESS NAME STATEMENT FILE NO. 2017-017205

The following person(s) is (are) doing business as: VALLEY HOME REPAIR, 9214 WOODMAN AVE., ARLETA, CA 91331. Full name of registrant(s) is (are) OSCAR PEREZ, 9214 WOODMAN AVE., ARLETA, CA 91331. Publish: Mountain Views News Dates Pub: Jan. 21, 28, Feb. 4, 11, 2017

Mountain Views News 80 W Sierra Madre Blvd. No. 327 Sierra Madre, Ca. 91024 Office: 626.355.2737 Fax: 626.609.3285
Email: editor@mtnviewsnews.com Website: www.mtnviewsnews.com
